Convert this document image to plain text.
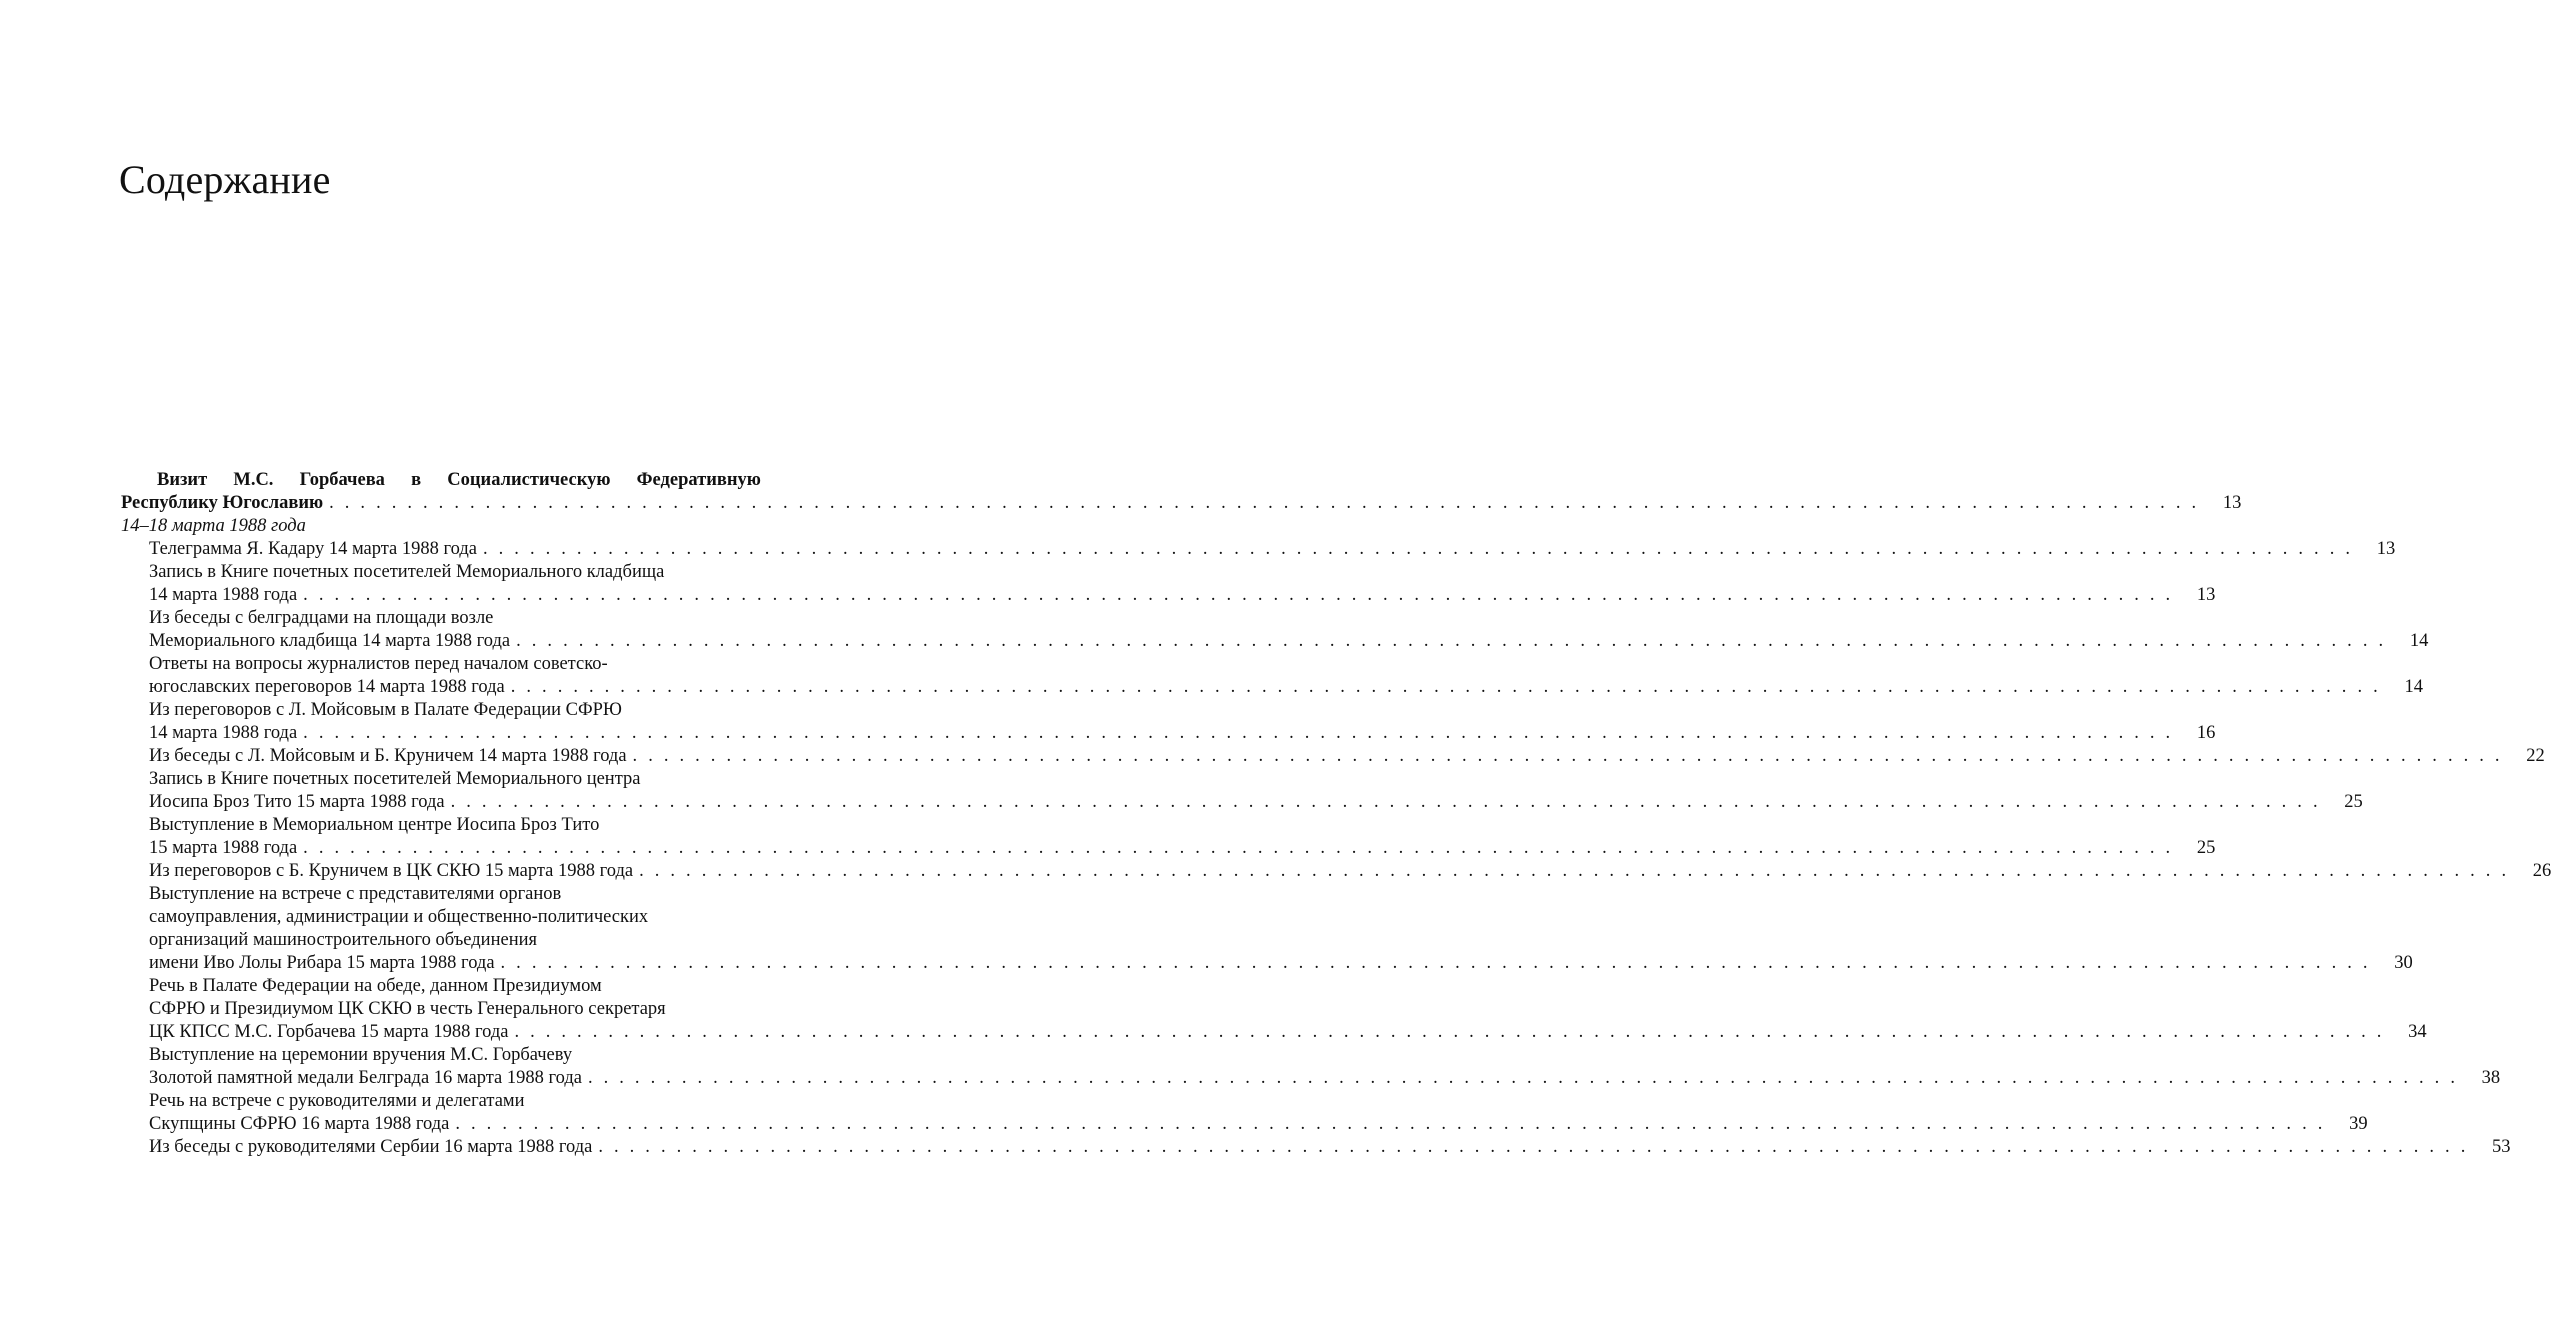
Содержание
Визит М.С. Горбачева в Социалистическую Федеративную
Республику Югославию . . . . . . . . . . . . . . . . . . . . . . . . . . . . . . . . . . . . . . . . . . . . . . . . . . . . . . . . . . . . . . . . . . . . . . . . . . . . . . . . . . . . . . . . . . . . . . . . . . . . . . . . . . . . . . . . . . . . . . . .	13
14–18 марта 1988 года
Телеграмма Я. Кадару 14 марта 1988 года . . . . . . . . . . . . . . . . . . . . . . . . . . . . . . . . . . . . . . . . . . . . . . . . . . . . . . . . . . . . . . . . . . . . . . . . . . . . . . . . . . . . . . . . . . . . . . . . . . . . . . . . . . . . . . . . . . . . . . . .	13
Запись в Книге почетных посетителей Мемориального кладбища
14 марта 1988 года . . . . . . . . . . . . . . . . . . . . . . . . . . . . . . . . . . . . . . . . . . . . . . . . . . . . . . . . . . . . . . . . . . . . . . . . . . . . . . . . . . . . . . . . . . . . . . . . . . . . . . . . . . . . . . . . . . . . . . . .	13
Из беседы с белградцами на площади возле
Мемориального кладбища 14 марта 1988 года . . . . . . . . . . . . . . . . . . . . . . . . . . . . . . . . . . . . . . . . . . . . . . . . . . . . . . . . . . . . . . . . . . . . . . . . . . . . . . . . . . . . . . . . . . . . . . . . . . . . . . . . . . . . . . . . . . . . . . . .	14
Ответы на вопросы журналистов перед началом советско-
югославских переговоров 14 марта 1988 года . . . . . . . . . . . . . . . . . . . . . . . . . . . . . . . . . . . . . . . . . . . . . . . . . . . . . . . . . . . . . . . . . . . . . . . . . . . . . . . . . . . . . . . . . . . . . . . . . . . . . . . . . . . . . . . . . . . . . . . .	14
Из переговоров с Л. Мойсовым в Палате Федерации СФРЮ
14 марта 1988 года . . . . . . . . . . . . . . . . . . . . . . . . . . . . . . . . . . . . . . . . . . . . . . . . . . . . . . . . . . . . . . . . . . . . . . . . . . . . . . . . . . . . . . . . . . . . . . . . . . . . . . . . . . . . . . . . . . . . . . . .	16
Из беседы с Л. Мойсовым и Б. Круничем 14 марта 1988 года . . . . . . . . . . . . . . . . . . . . . . . . . . . . . . . . . . . . . . . . . . . . . . . . . . . . . . . . . . . . . . . . . . . . . . . . . . . . . . . . . . . . . . . . . . . . . . . . . . . . . . . . . . . . . . . . . . . . . . . .	22
Запись в Книге почетных посетителей Мемориального центра
Иосипа Броз Тито 15 марта 1988 года . . . . . . . . . . . . . . . . . . . . . . . . . . . . . . . . . . . . . . . . . . . . . . . . . . . . . . . . . . . . . . . . . . . . . . . . . . . . . . . . . . . . . . . . . . . . . . . . . . . . . . . . . . . . . . . . . . . . . . . .	25
Выступление в Мемориальном центре Иосипа Броз Тито
15 марта 1988 года . . . . . . . . . . . . . . . . . . . . . . . . . . . . . . . . . . . . . . . . . . . . . . . . . . . . . . . . . . . . . . . . . . . . . . . . . . . . . . . . . . . . . . . . . . . . . . . . . . . . . . . . . . . . . . . . . . . . . . . .	25
Из переговоров с Б. Круничем в ЦК СКЮ 15 марта 1988 года . . . . . . . . . . . . . . . . . . . . . . . . . . . . . . . . . . . . . . . . . . . . . . . . . . . . . . . . . . . . . . . . . . . . . . . . . . . . . . . . . . . . . . . . . . . . . . . . . . . . . . . . . . . . . . . . . . . . . . . .	26
Выступление на встрече с представителями органов
самоуправления, администрации и общественно-политических
организаций машиностроительного объединения
имени Иво Лолы Рибара 15 марта 1988 года . . . . . . . . . . . . . . . . . . . . . . . . . . . . . . . . . . . . . . . . . . . . . . . . . . . . . . . . . . . . . . . . . . . . . . . . . . . . . . . . . . . . . . . . . . . . . . . . . . . . . . . . . . . . . . . . . . . . . . . .	30
Речь в Палате Федерации на обеде, данном Президиумом
СФРЮ и Президиумом ЦК СКЮ в честь Генерального секретаря
ЦК КПСС М.С. Горбачева 15 марта 1988 года . . . . . . . . . . . . . . . . . . . . . . . . . . . . . . . . . . . . . . . . . . . . . . . . . . . . . . . . . . . . . . . . . . . . . . . . . . . . . . . . . . . . . . . . . . . . . . . . . . . . . . . . . . . . . . . . . . . . . . . .	34
Выступление на церемонии вручения М.С. Горбачеву
Золотой памятной медали Белграда 16 марта 1988 года . . . . . . . . . . . . . . . . . . . . . . . . . . . . . . . . . . . . . . . . . . . . . . . . . . . . . . . . . . . . . . . . . . . . . . . . . . . . . . . . . . . . . . . . . . . . . . . . . . . . . . . . . . . . . . . . . . . . . . . .	38
Речь на встрече с руководителями и делегатами
Скупщины СФРЮ 16 марта 1988 года . . . . . . . . . . . . . . . . . . . . . . . . . . . . . . . . . . . . . . . . . . . . . . . . . . . . . . . . . . . . . . . . . . . . . . . . . . . . . . . . . . . . . . . . . . . . . . . . . . . . . . . . . . . . . . . . . . . . . . . .	39
Из беседы с руководителями Сербии 16 марта 1988 года . . . . . . . . . . . . . . . . . . . . . . . . . . . . . . . . . . . . . . . . . . . . . . . . . . . . . . . . . . . . . . . . . . . . . . . . . . . . . . . . . . . . . . . . . . . . . . . . . . . . . . . . . . . . . . . . . . . . . . . .	53
